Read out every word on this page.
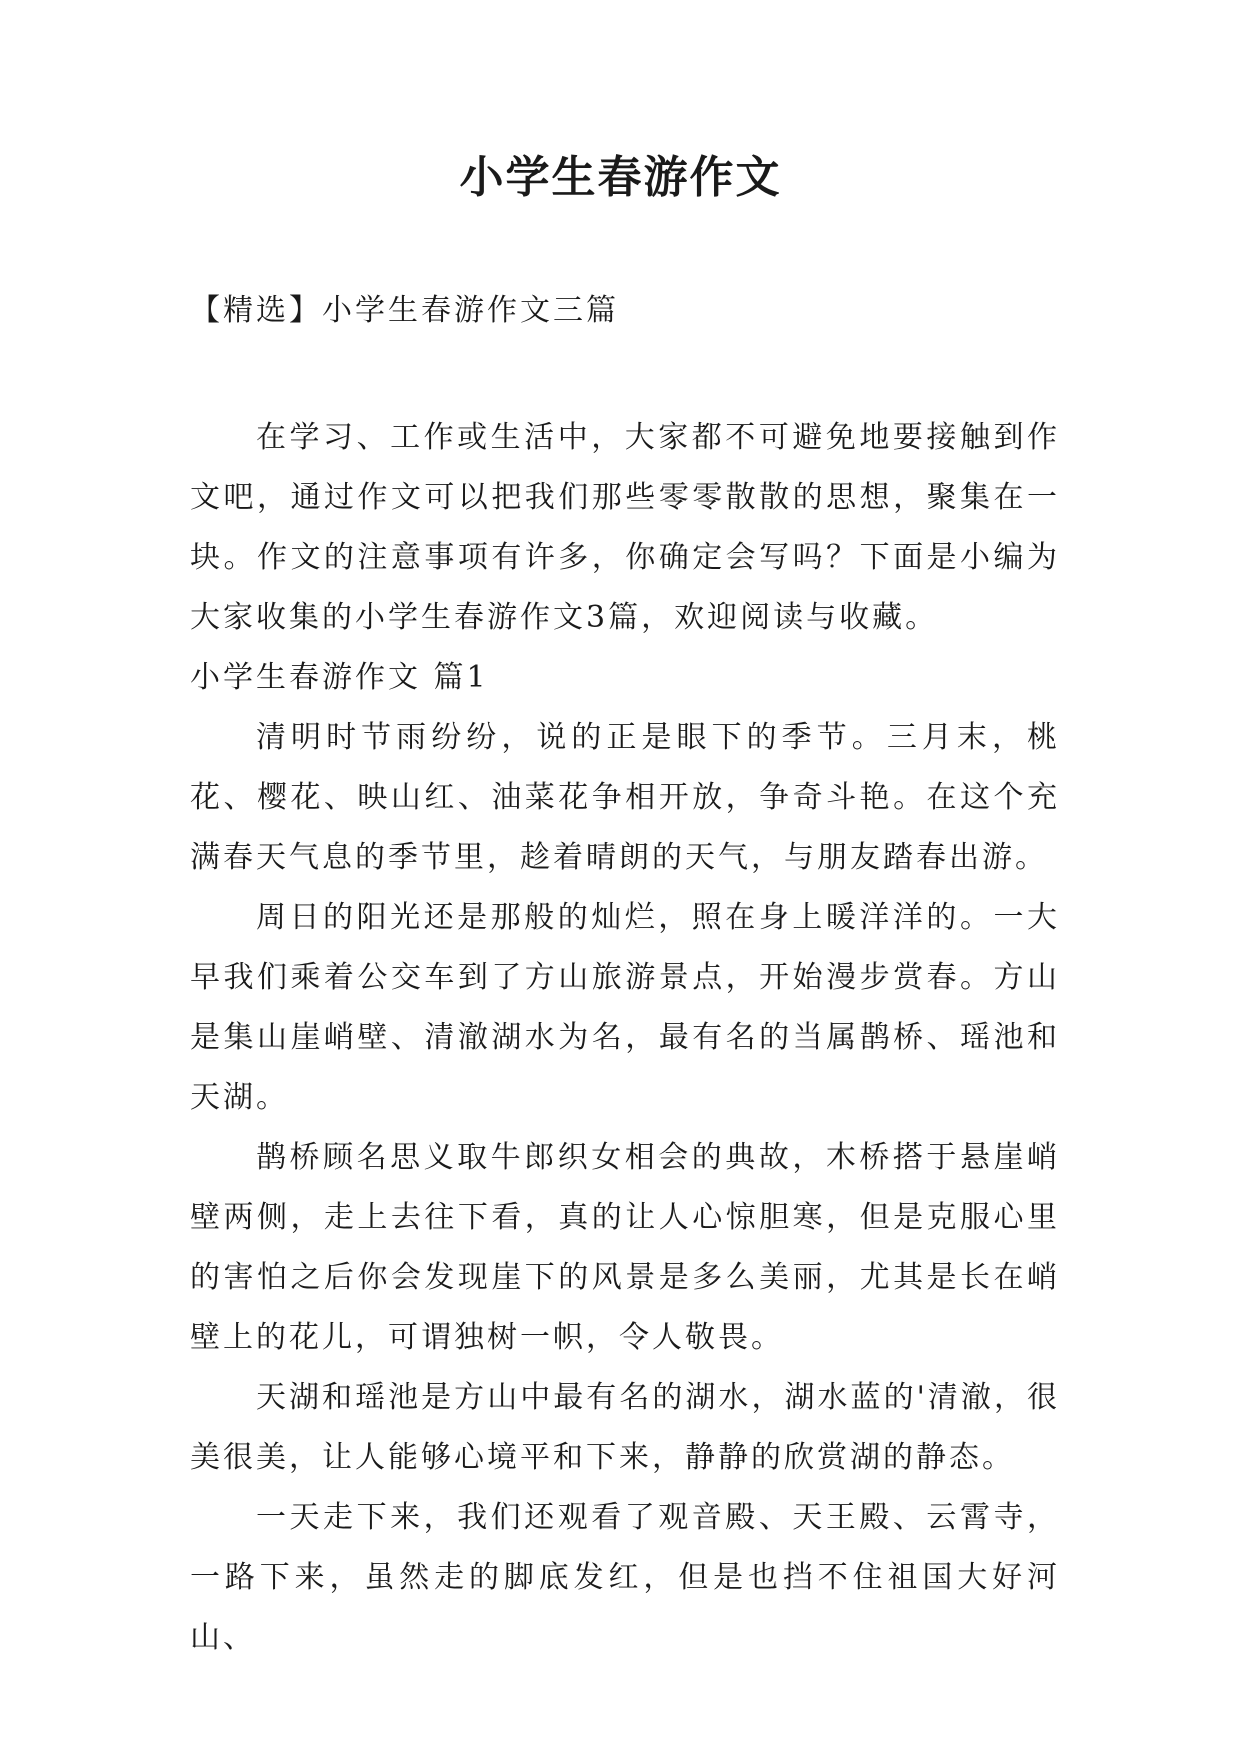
小学生春游作文
【精选】小学生春游作文三篇

在学习、工作或生活中，大家都不可避免地要接触到作文吧，通过作文可以把我们那些零零散散的思想，聚集在一块。作文的注意事项有许多，你确定会写吗？下面是小编为大家收集的小学生春游作文3篇，欢迎阅读与收藏。

小学生春游作文 篇1

清明时节雨纷纷，说的正是眼下的季节。三月末，桃花、樱花、映山红、油菜花争相开放，争奇斗艳。在这个充满春天气息的季节里，趁着晴朗的天气，与朋友踏春出游。

周日的阳光还是那般的灿烂，照在身上暖洋洋的。一大早我们乘着公交车到了方山旅游景点，开始漫步赏春。方山是集山崖峭壁、清澈湖水为名，最有名的当属鹊桥、瑶池和天湖。

鹊桥顾名思义取牛郎织女相会的典故，木桥搭于悬崖峭壁两侧，走上去往下看，真的让人心惊胆寒，但是克服心里的害怕之后你会发现崖下的风景是多么美丽，尤其是长在峭壁上的花儿，可谓独树一帜，令人敬畏。

天湖和瑶池是方山中最有名的湖水，湖水蓝的'清澈，很美很美，让人能够心境平和下来，静静的欣赏湖的静态。

一天走下来，我们还观看了观音殿、天王殿、云霄寺，一路下来，虽然走的脚底发红，但是也挡不住祖国大好河山、
